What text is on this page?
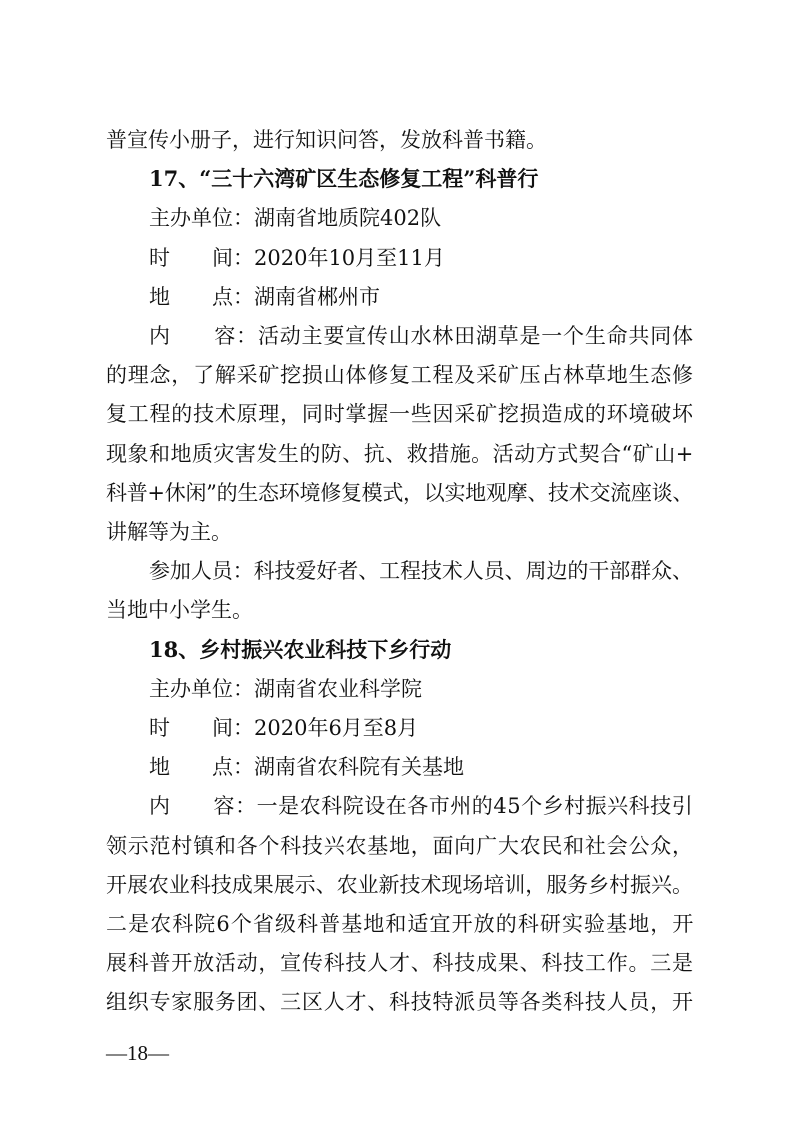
普宣传小册子，进行知识问答，发放科普书籍。
17、“三十六湾矿区生态修复工程”科普行
主办单位：湖南省地质院402队
时　　间：2020年10月至11月
地　　点：湖南省郴州市
内　　容：活动主要宣传山水林田湖草是一个生命共同体
的理念，了解采矿挖损山体修复工程及采矿压占林草地生态修
复工程的技术原理，同时掌握一些因采矿挖损造成的环境破坏
现象和地质灾害发生的防、抗、救措施。活动方式契合“矿山+
科普+休闲”的生态环境修复模式，以实地观摩、技术交流座谈、
讲解等为主。
参加人员：科技爱好者、工程技术人员、周边的干部群众、
当地中小学生。
18、乡村振兴农业科技下乡行动
主办单位：湖南省农业科学院
时　　间：2020年6月至8月
地　　点：湖南省农科院有关基地
内　　容：一是农科院设在各市州的45个乡村振兴科技引
领示范村镇和各个科技兴农基地，面向广大农民和社会公众，
开展农业科技成果展示、农业新技术现场培训，服务乡村振兴。
二是农科院6个省级科普基地和适宜开放的科研实验基地，开
展科普开放活动，宣传科技人才、科技成果、科技工作。三是
组织专家服务团、三区人才、科技特派员等各类科技人员，开
—18—
